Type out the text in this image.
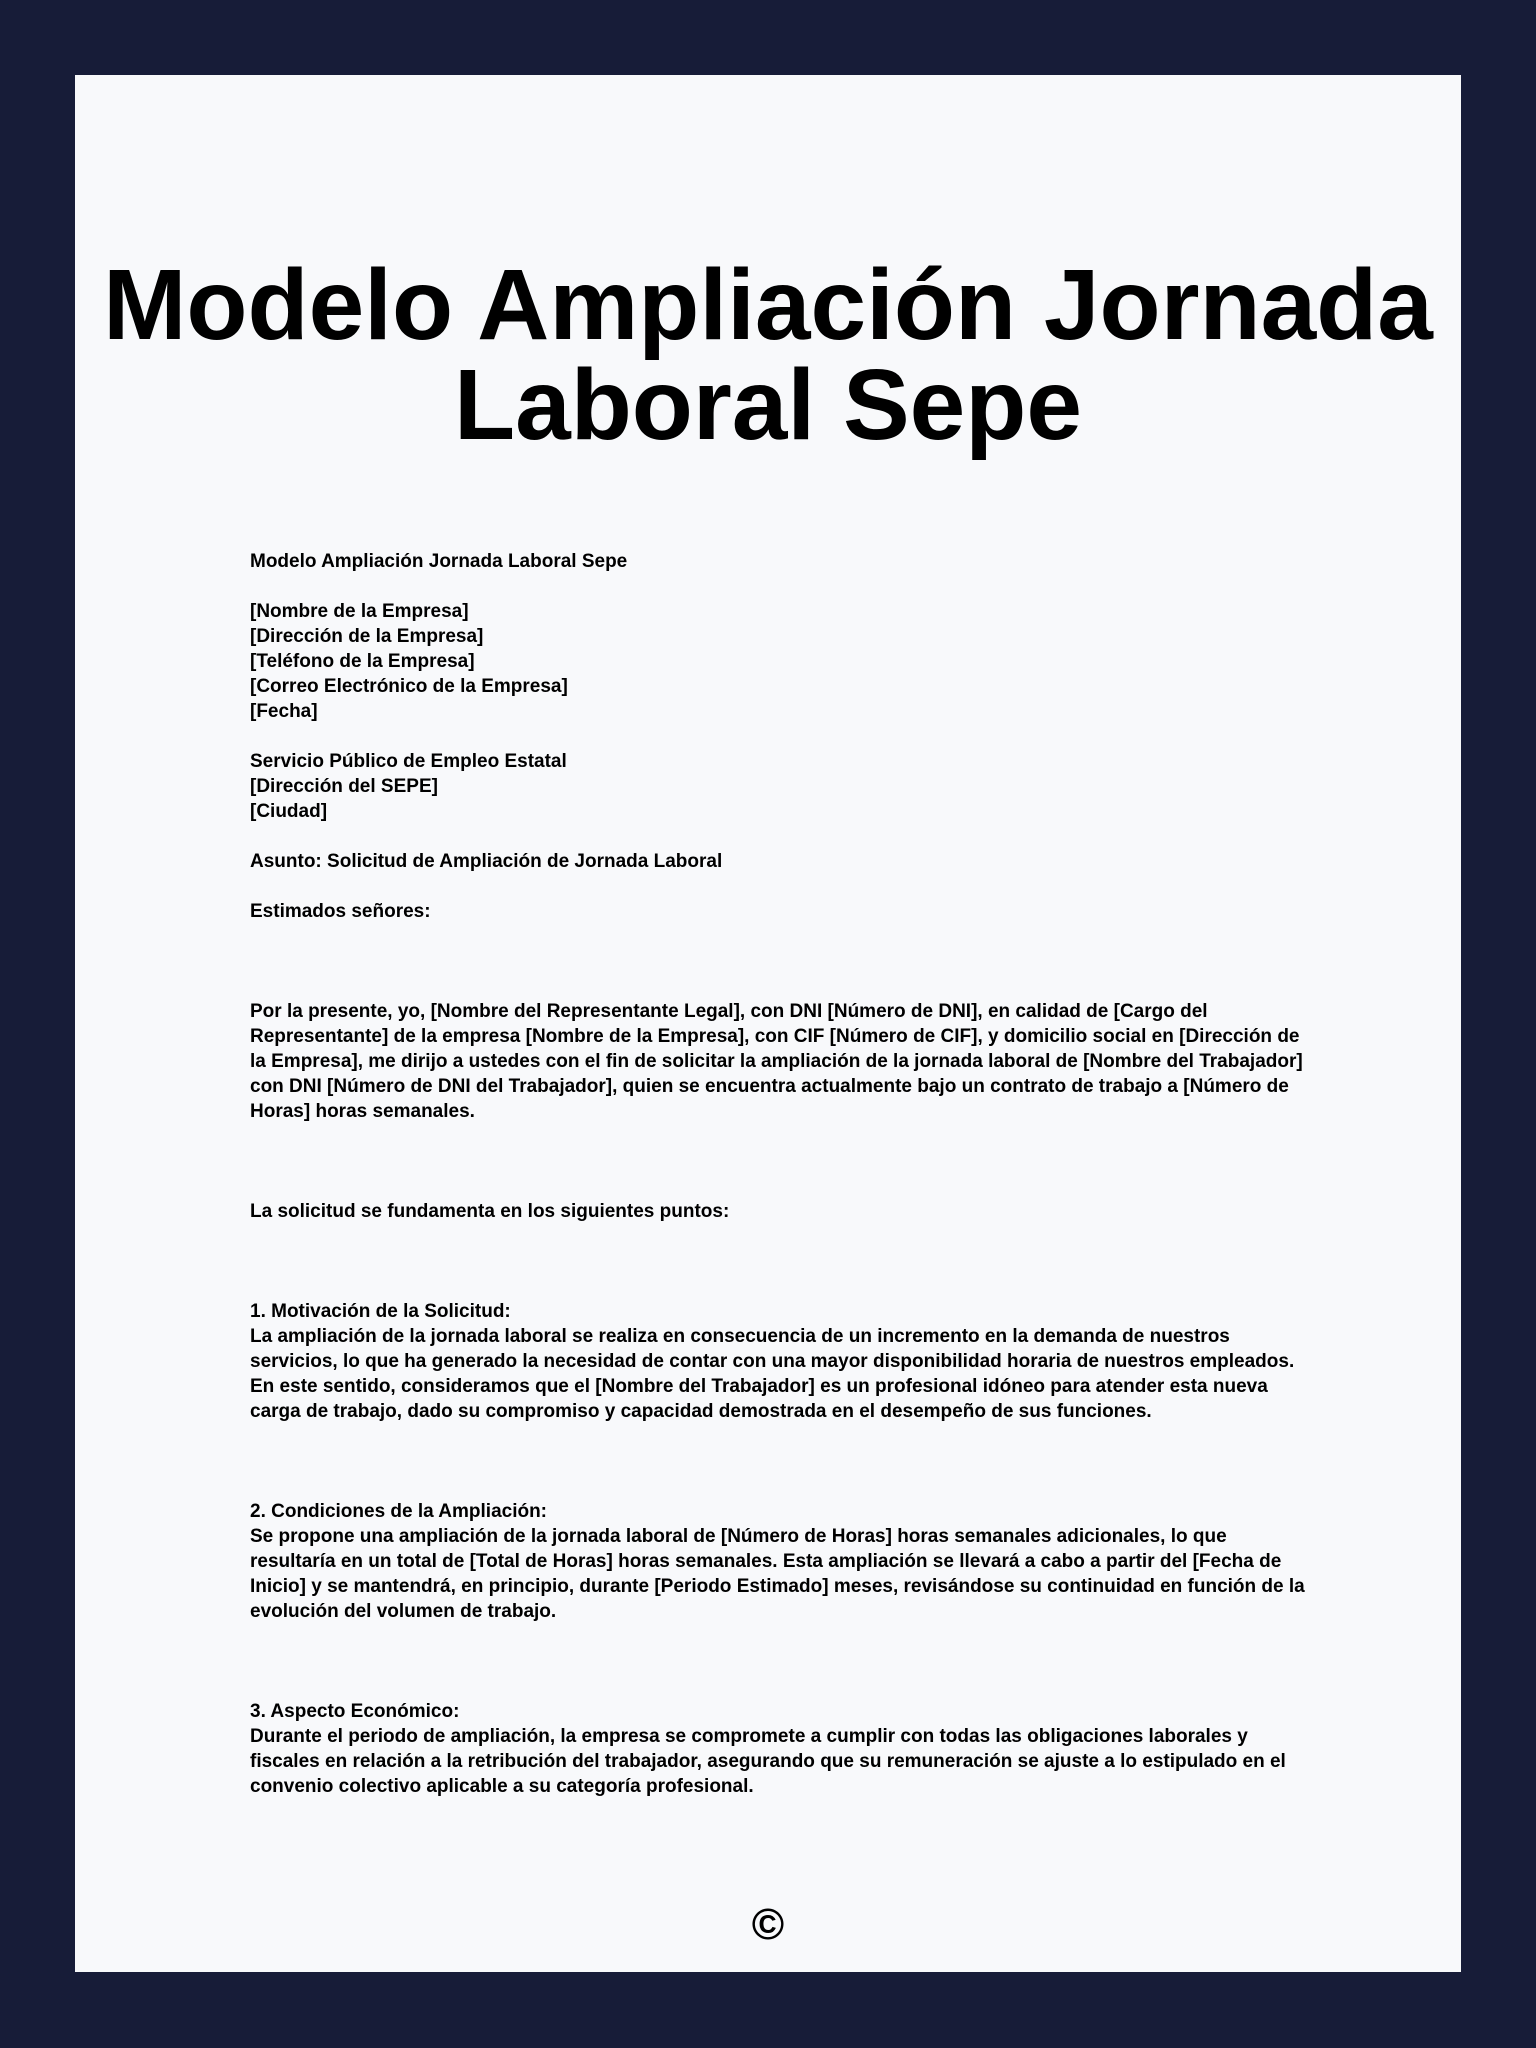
Modelo Ampliación Jornada Laboral Sepe
Modelo Ampliación Jornada Laboral Sepe
[Nombre de la Empresa]
[Dirección de la Empresa]
[Teléfono de la Empresa]
[Correo Electrónico de la Empresa]
[Fecha]
Servicio Público de Empleo Estatal
[Dirección del SEPE]
[Ciudad]
Asunto: Solicitud de Ampliación de Jornada Laboral
Estimados señores:
Por la presente, yo, [Nombre del Representante Legal], con DNI [Número de DNI], en calidad de [Cargo del Representante] de la empresa [Nombre de la Empresa], con CIF [Número de CIF], y domicilio social en [Dirección de la Empresa], me dirijo a ustedes con el fin de solicitar la ampliación de la jornada laboral de [Nombre del Trabajador] con DNI [Número de DNI del Trabajador], quien se encuentra actualmente bajo un contrato de trabajo a [Número de Horas] horas semanales.
La solicitud se fundamenta en los siguientes puntos:
1. Motivación de la Solicitud:
La ampliación de la jornada laboral se realiza en consecuencia de un incremento en la demanda de nuestros servicios, lo que ha generado la necesidad de contar con una mayor disponibilidad horaria de nuestros empleados. En este sentido, consideramos que el [Nombre del Trabajador] es un profesional idóneo para atender esta nueva carga de trabajo, dado su compromiso y capacidad demostrada en el desempeño de sus funciones.
2. Condiciones de la Ampliación:
Se propone una ampliación de la jornada laboral de [Número de Horas] horas semanales adicionales, lo que resultaría en un total de [Total de Horas] horas semanales. Esta ampliación se llevará a cabo a partir del [Fecha de Inicio] y se mantendrá, en principio, durante [Periodo Estimado] meses, revisándose su continuidad en función de la evolución del volumen de trabajo.
3. Aspecto Económico:
Durante el periodo de ampliación, la empresa se compromete a cumplir con todas las obligaciones laborales y fiscales en relación a la retribución del trabajador, asegurando que su remuneración se ajuste a lo estipulado en el convenio colectivo aplicable a su categoría profesional.
©
